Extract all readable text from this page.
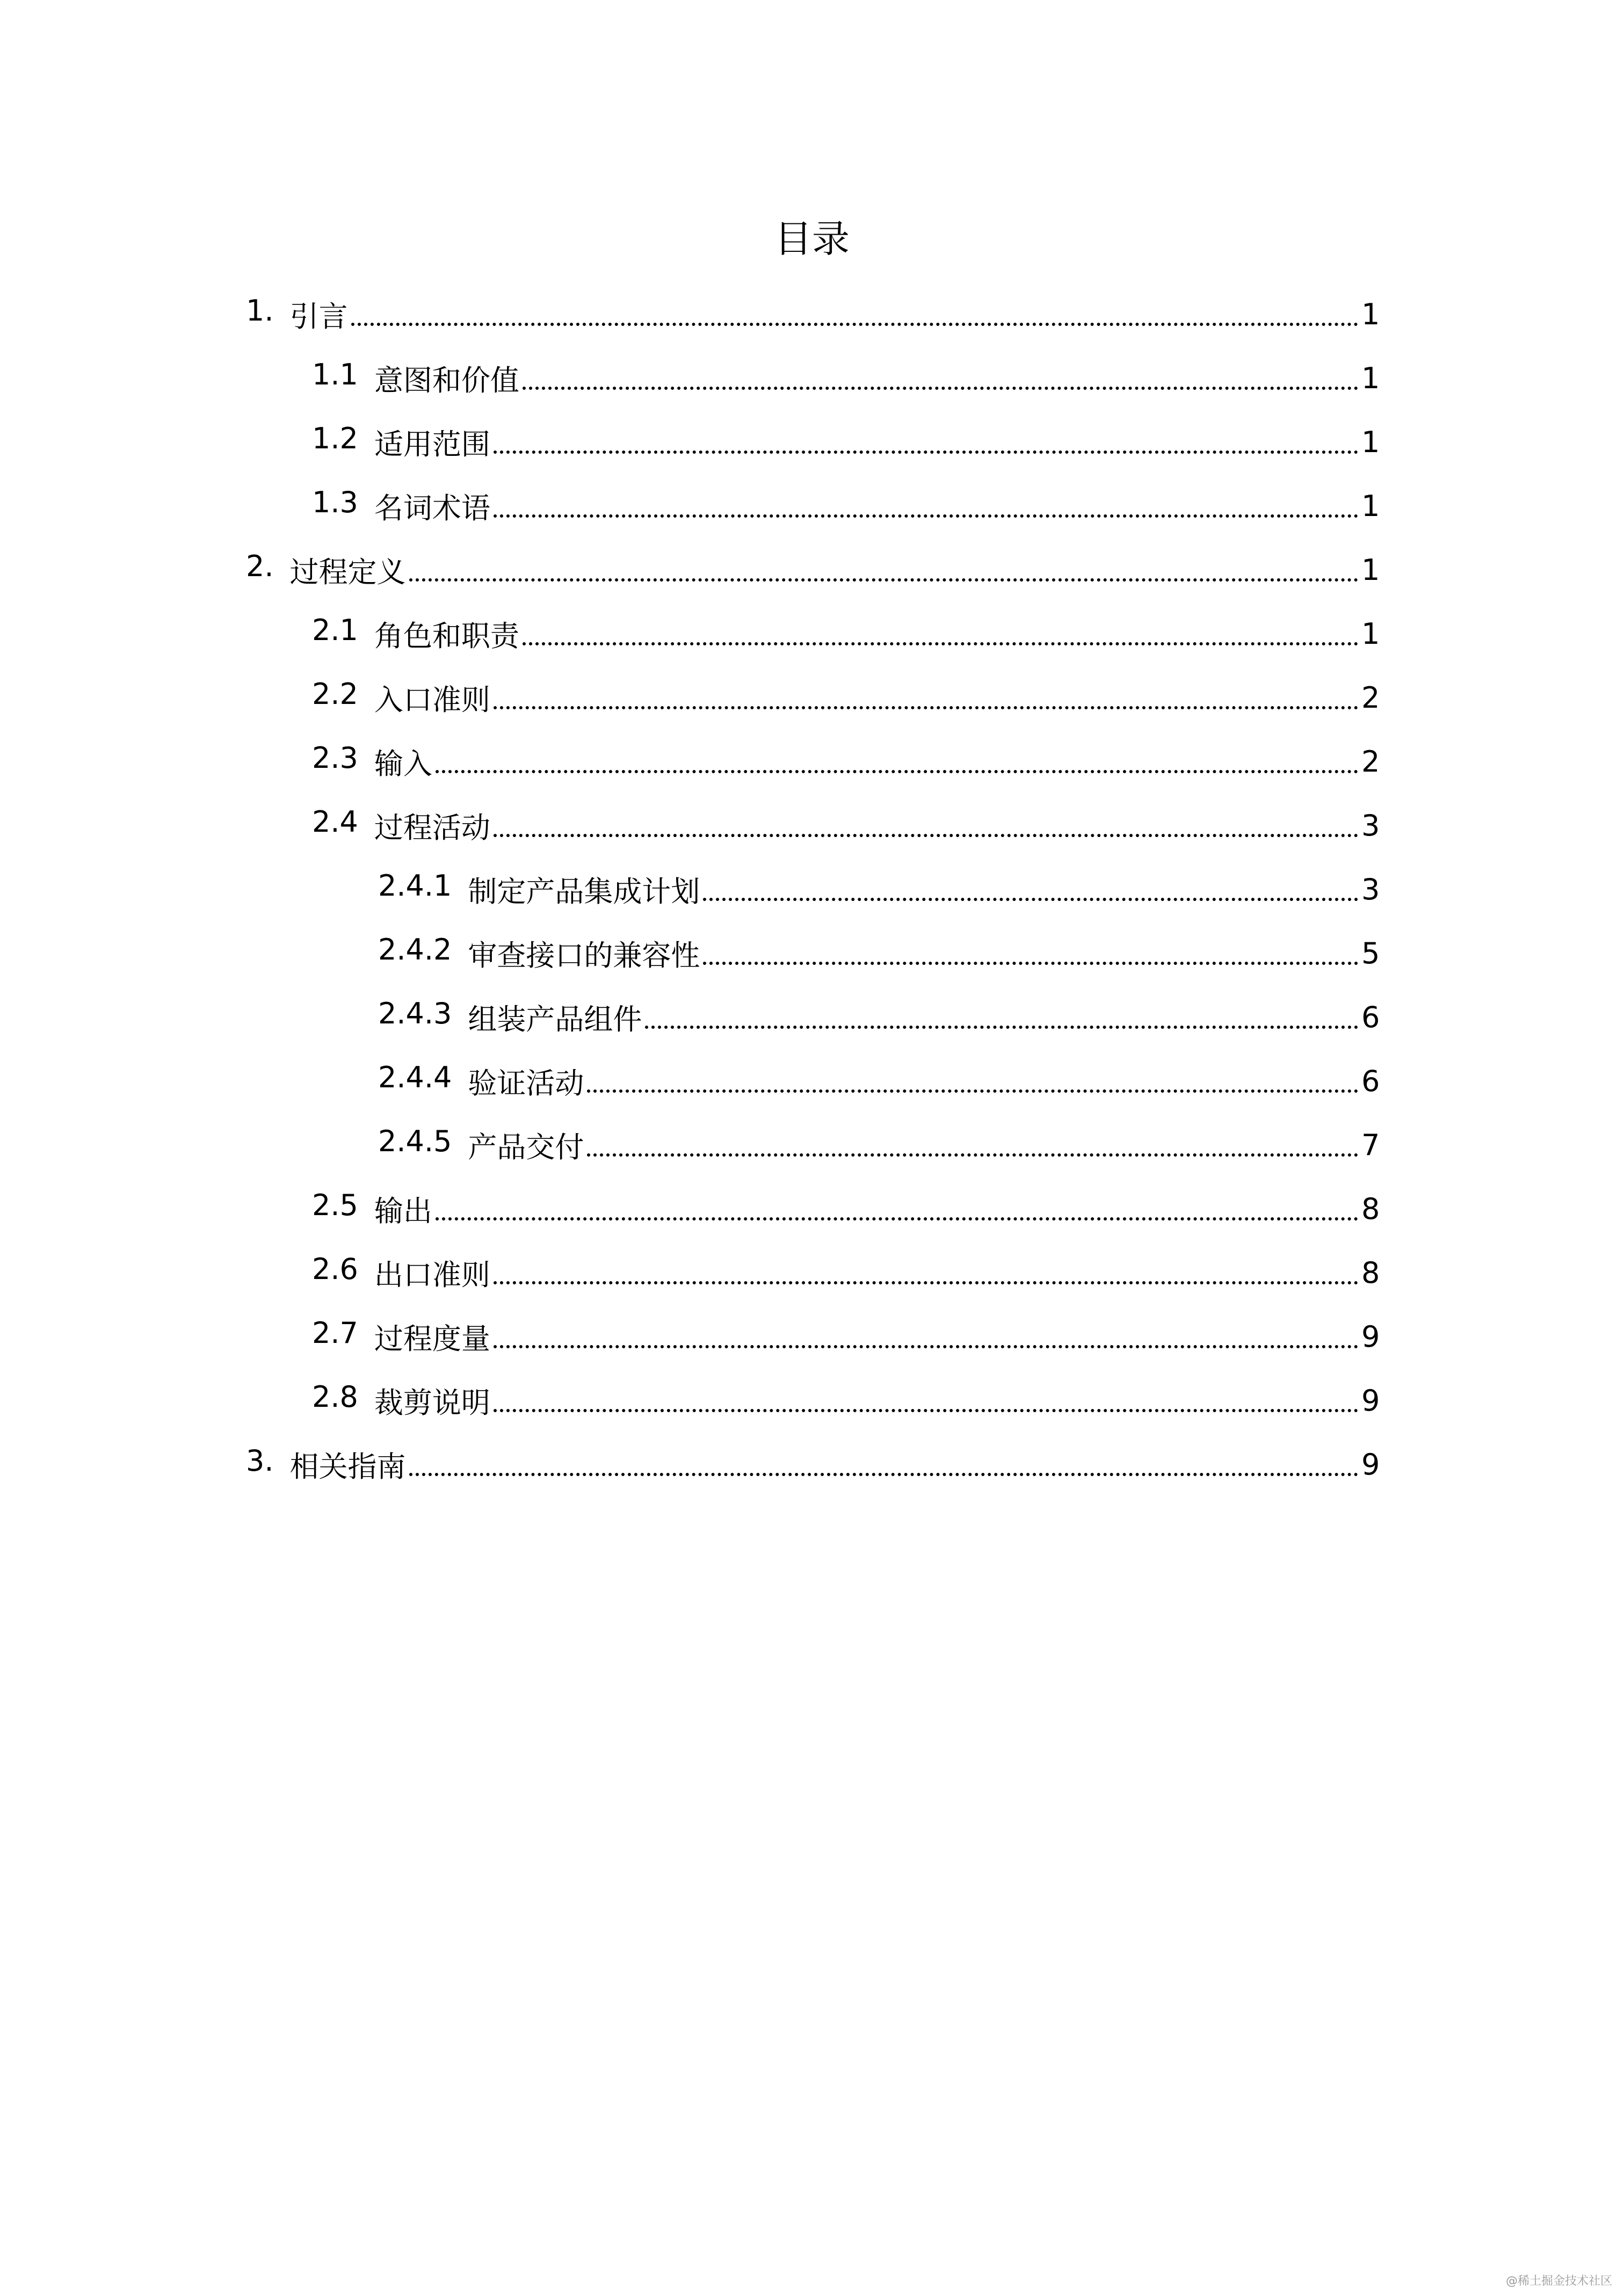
目录
1. 引言	1
1.1 意图和价值	1
1.2 适用范围	1
1.3 名词术语	1
2. 过程定义	1
2.1 角色和职责	1
2.2 入口准则	2
2.3 输入	2
2.4 过程活动	3
2.4.1 制定产品集成计划	3
2.4.2 审查接口的兼容性	5
2.4.3 组装产品组件	6
2.4.4 验证活动	6
2.4.5 产品交付	7
2.5 输出	8
2.6 出口准则	8
2.7 过程度量	9
2.8 裁剪说明	9
3. 相关指南	9
@稀土掘金技术社区
